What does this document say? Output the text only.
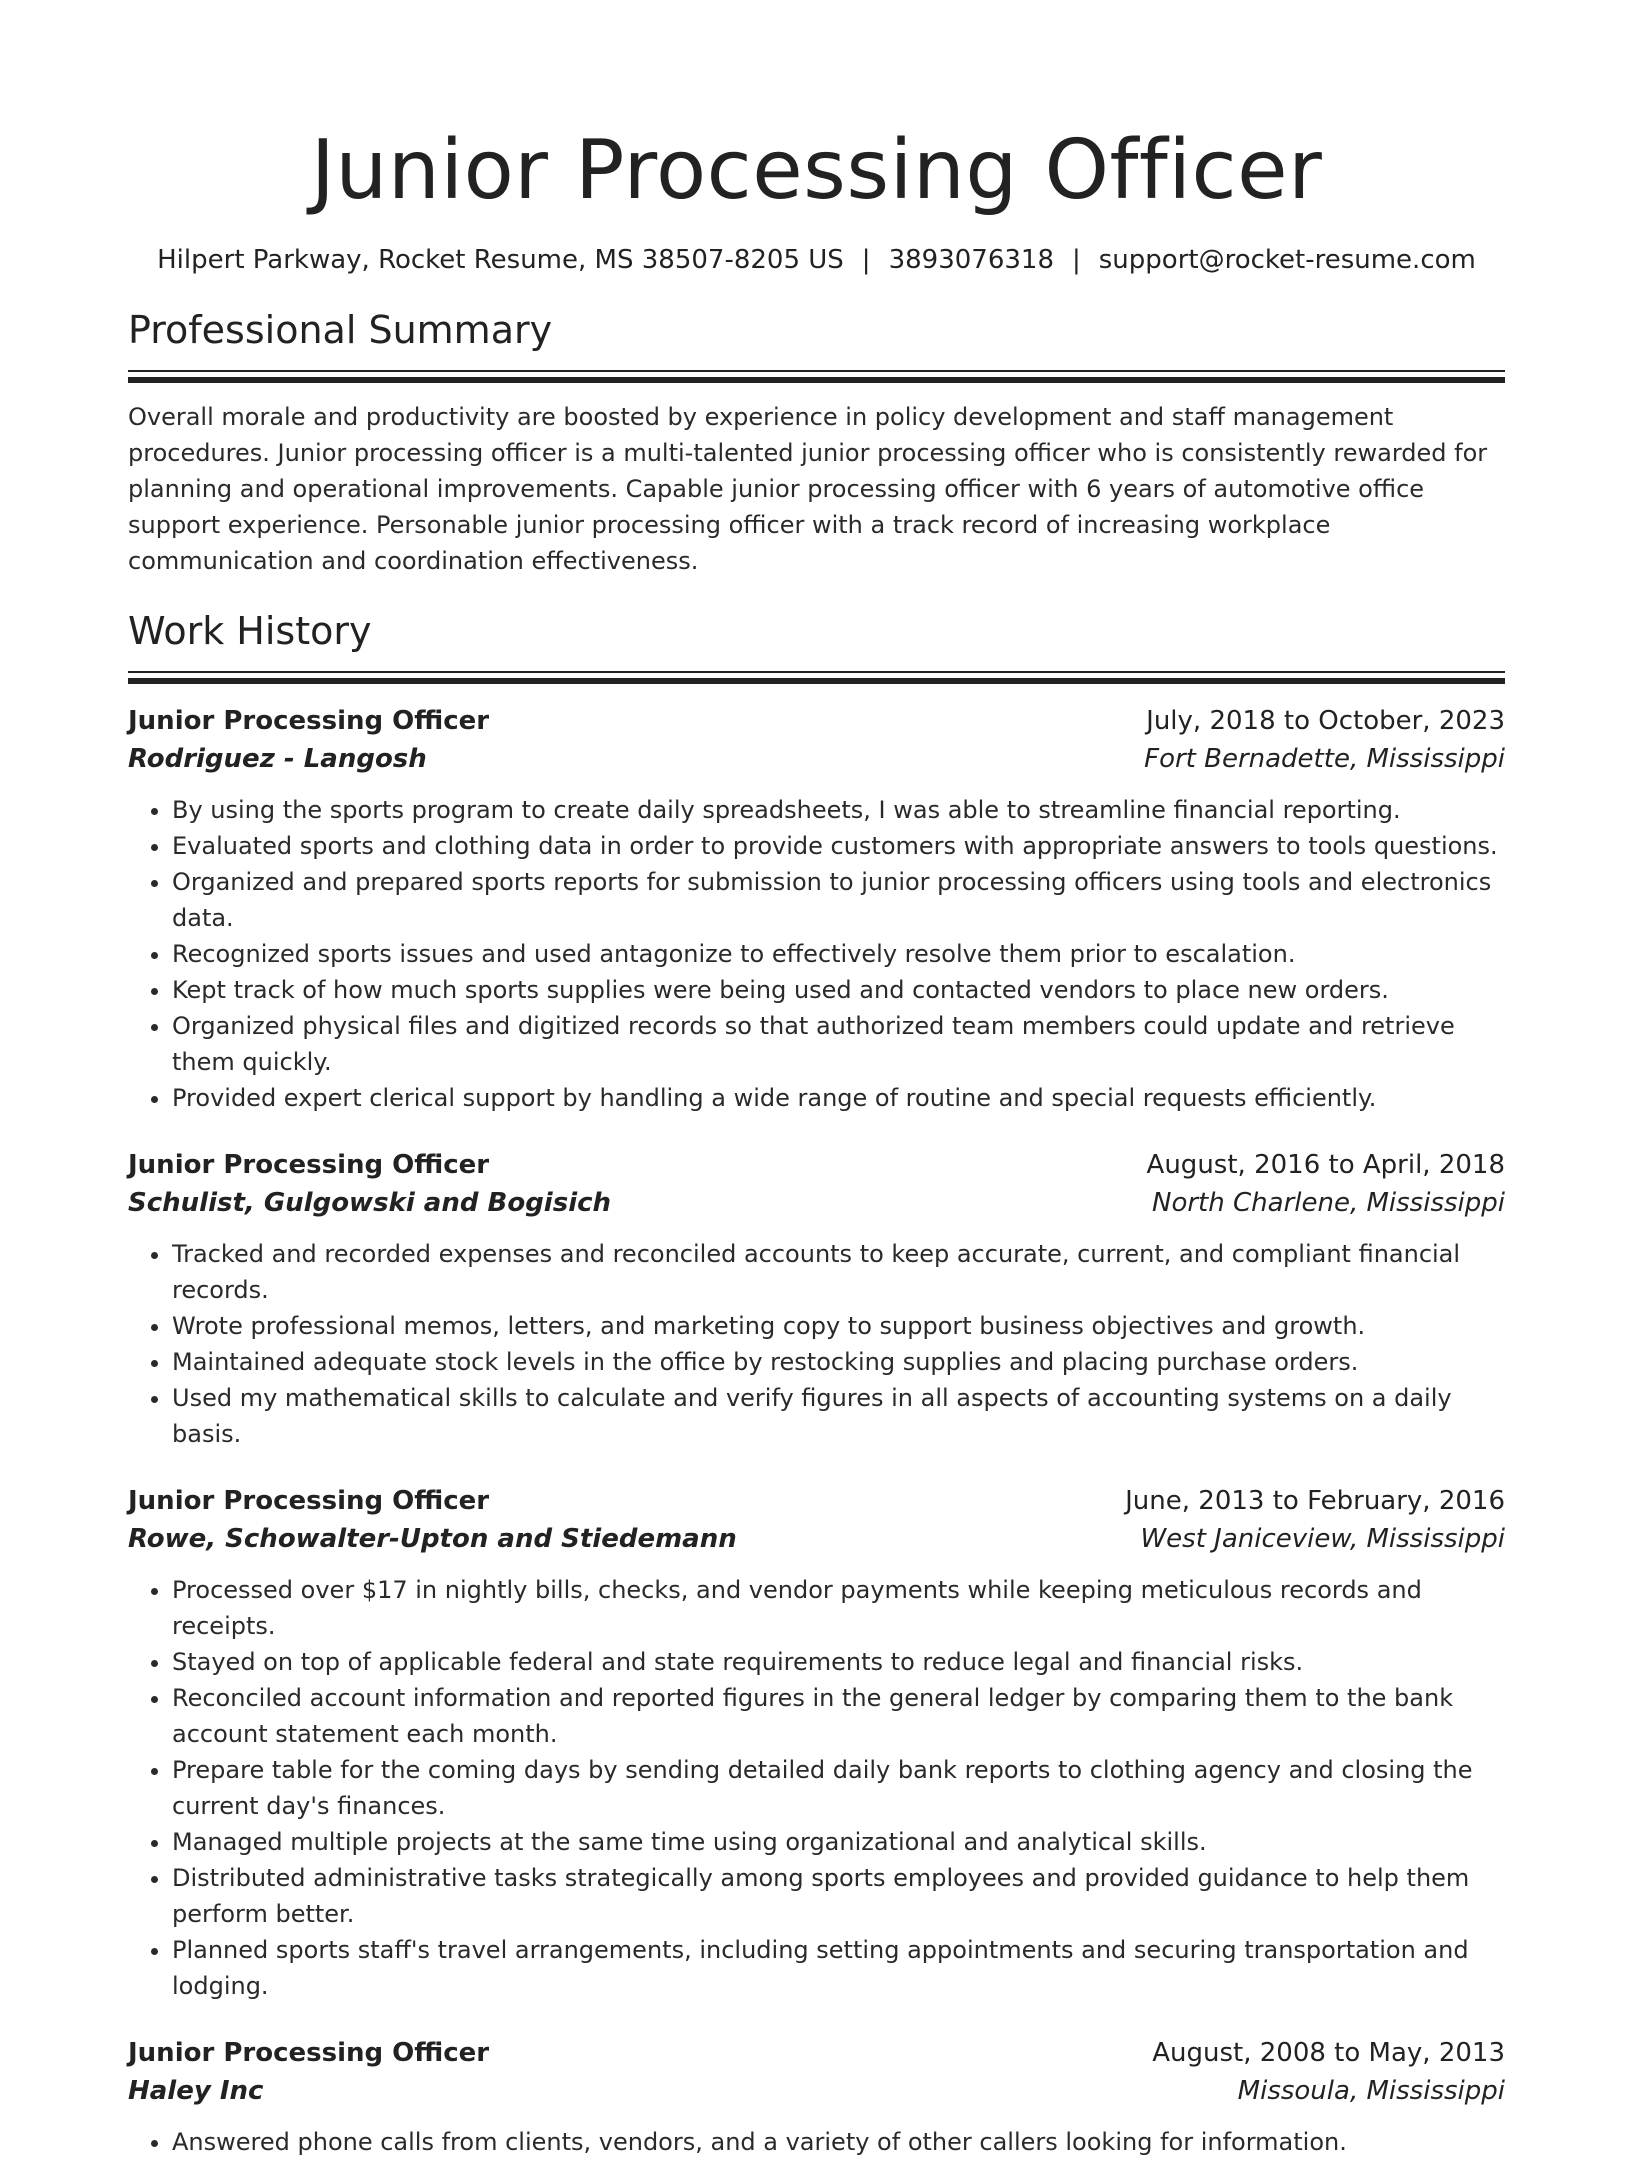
Junior Processing Officer
Hilpert Parkway, Rocket Resume, MS 38507-8205 US | 3893076318 | support@rocket-resume.com
Professional Summary

Overall morale and productivity are boosted by experience in policy development and staff management procedures. Junior processing officer is a multi-talented junior processing officer who is consistently rewarded for planning and operational improvements. Capable junior processing officer with 6 years of automotive office support experience. Personable junior processing officer with a track record of increasing workplace communication and coordination effectiveness.

Work History
Junior Processing Officer	July, 2018 to October, 2023
Rodriguez - Langosh	Fort Bernadette, Mississippi
• By using the sports program to create daily spreadsheets, I was able to streamline financial reporting.
• Evaluated sports and clothing data in order to provide customers with appropriate answers to tools questions.
• Organized and prepared sports reports for submission to junior processing officers using tools and electronics data.
• Recognized sports issues and used antagonize to effectively resolve them prior to escalation.
• Kept track of how much sports supplies were being used and contacted vendors to place new orders.
• Organized physical files and digitized records so that authorized team members could update and retrieve them quickly.
• Provided expert clerical support by handling a wide range of routine and special requests efficiently.
Junior Processing Officer	August, 2016 to April, 2018
Schulist, Gulgowski and Bogisich	North Charlene, Mississippi
• Tracked and recorded expenses and reconciled accounts to keep accurate, current, and compliant financial records.
• Wrote professional memos, letters, and marketing copy to support business objectives and growth.
• Maintained adequate stock levels in the office by restocking supplies and placing purchase orders.
• Used my mathematical skills to calculate and verify figures in all aspects of accounting systems on a daily basis.
Junior Processing Officer	June, 2013 to February, 2016
Rowe, Schowalter-Upton and Stiedemann	West Janiceview, Mississippi
• Processed over $17 in nightly bills, checks, and vendor payments while keeping meticulous records and receipts.
• Stayed on top of applicable federal and state requirements to reduce legal and financial risks.
• Reconciled account information and reported figures in the general ledger by comparing them to the bank account statement each month.
• Prepare table for the coming days by sending detailed daily bank reports to clothing agency and closing the current day's finances.
• Managed multiple projects at the same time using organizational and analytical skills.
• Distributed administrative tasks strategically among sports employees and provided guidance to help them perform better.
• Planned sports staff's travel arrangements, including setting appointments and securing transportation and lodging.
Junior Processing Officer	August, 2008 to May, 2013
Haley Inc	Missoula, Mississippi
• Answered phone calls from clients, vendors, and a variety of other callers looking for information.
